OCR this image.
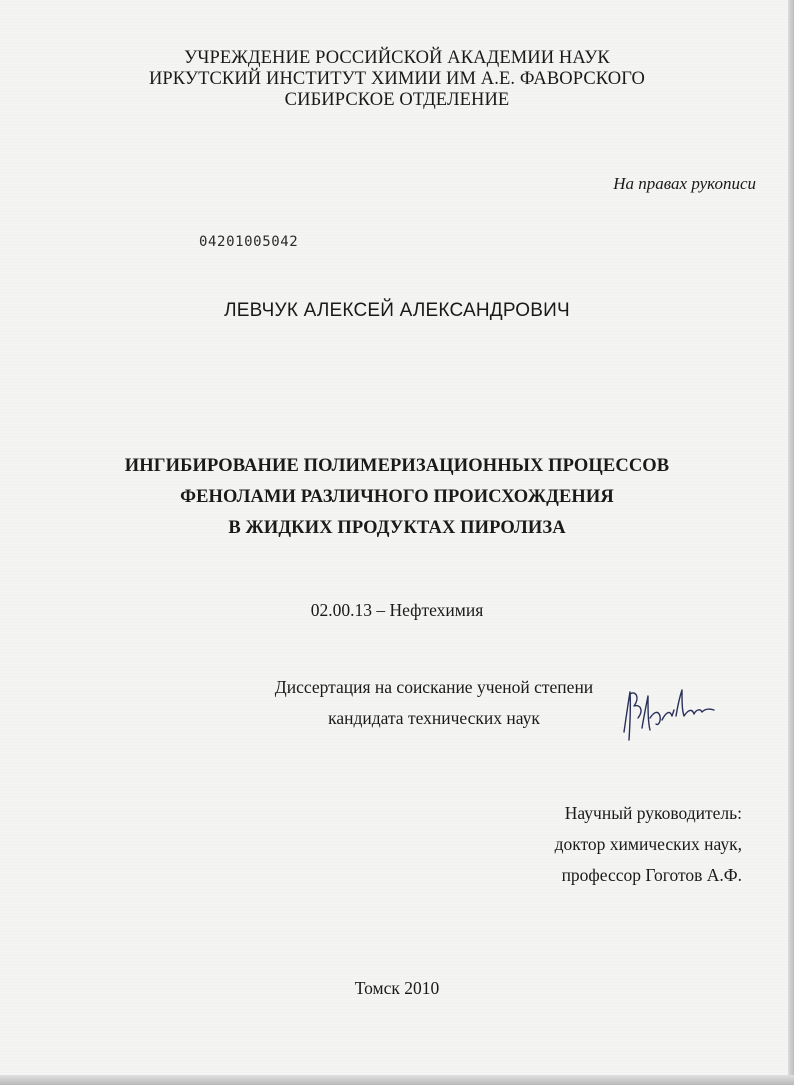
УЧРЕЖДЕНИЕ РОССИЙСКОЙ АКАДЕМИИ НАУК
ИРКУТСКИЙ ИНСТИТУТ ХИМИИ ИМ А.Е. ФАВОРСКОГО
СИБИРСКОЕ ОТДЕЛЕНИЕ
На правах рукописи
04201005042
ЛЕВЧУК АЛЕКСЕЙ АЛЕКСАНДРОВИЧ
ИНГИБИРОВАНИЕ ПОЛИМЕРИЗАЦИОННЫХ ПРОЦЕССОВ
ФЕНОЛАМИ РАЗЛИЧНОГО ПРОИСХОЖДЕНИЯ
В ЖИДКИХ ПРОДУКТАХ ПИРОЛИЗА
02.00.13 – Нефтехимия
Диссертация на соискание ученой степени
кандидата технических наук
Научный руководитель:
доктор химических наук,
профессор Гоготов А.Ф.
Томск 2010
